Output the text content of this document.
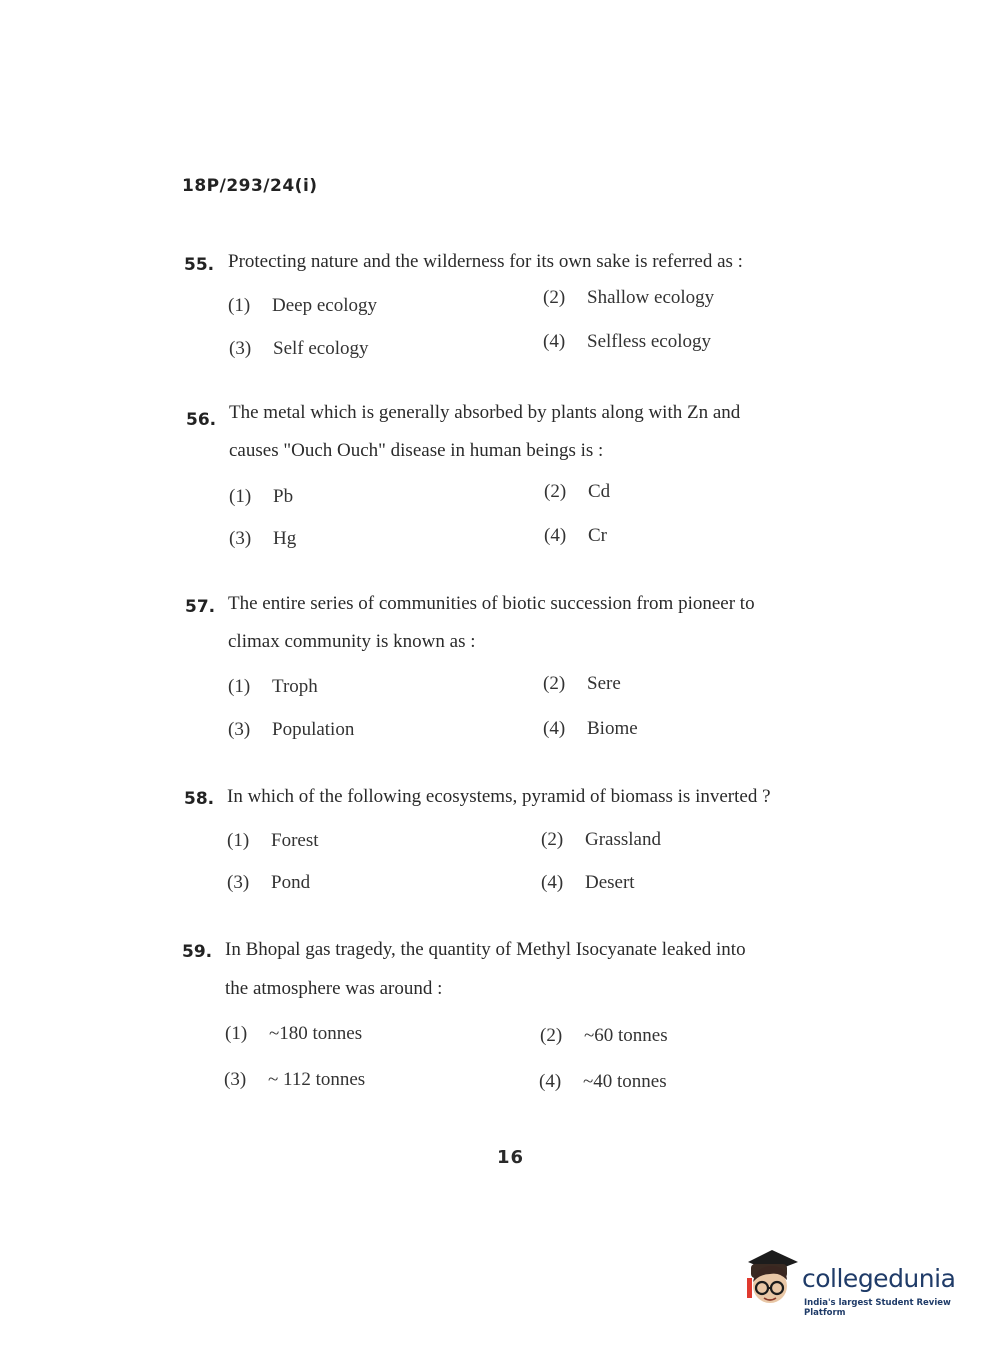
18P/293/24(i)
55. Protecting nature and the wilderness for its own sake is referred as :
(1) Deep ecology	(2) Shallow ecology
(3) Self ecology	(4) Selfless ecology
56. The metal which is generally absorbed by plants along with Zn and
causes "Ouch Ouch" disease in human beings is :
(1) Pb	(2) Cd
(3) Hg	(4) Cr
57. The entire series of communities of biotic succession from pioneer to
climax community is known as :
(1) Troph	(2) Sere
(3) Population	(4) Biome
58. In which of the following ecosystems, pyramid of biomass is inverted ?
(1) Forest	(2) Grassland
(3) Pond	(4) Desert
59. In Bhopal gas tragedy, the quantity of Methyl Isocyanate leaked into
the atmosphere was around :
(1) ~180 tonnes	(2) ~60 tonnes
(3) ~ 112 tonnes	(4) ~40 tonnes
16
collegedunia
India's largest Student Review Platform
